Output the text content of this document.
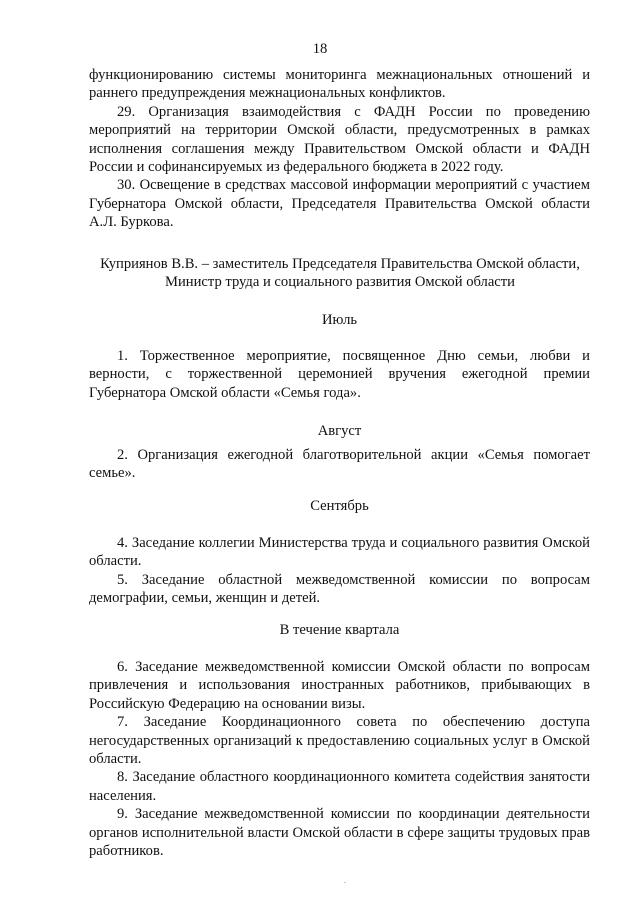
18

функционированию системы мониторинга межнациональных отношений и раннего предупреждения межнациональных конфликтов.

29. Организация взаимодействия с ФАДН России по проведению мероприятий на территории Омской области, предусмотренных в рамках исполнения соглашения между Правительством Омской области и ФАДН России и софинансируемых из федерального бюджета в 2022 году.

30. Освещение в средствах массовой информации мероприятий с участием Губернатора Омской области, Председателя Правительства Омской области А.Л. Буркова.

Куприянов В.В. – заместитель Председателя Правительства Омской области,

Министр труда и социального развития Омской области

Июль

1. Торжественное мероприятие, посвященное Дню семьи, любви и верности, с торжественной церемонией вручения ежегодной премии Губернатора Омской области «Семья года».

Август

2. Организация ежегодной благотворительной акции «Семья помогает семье».

Сентябрь

4. Заседание коллегии Министерства труда и социального развития Омской области.

5. Заседание областной межведомственной комиссии по вопросам демографии, семьи, женщин и детей.

В течение квартала

6. Заседание межведомственной комиссии Омской области по вопросам привлечения и использования иностранных работников, прибывающих в Российскую Федерацию на основании визы.

7. Заседание Координационного совета по обеспечению доступа негосударственных организаций к предоставлению социальных услуг в Омской области.

8. Заседание областного координационного комитета содействия занятости населения.

9. Заседание межведомственной комиссии по координации деятельности органов исполнительной власти Омской области в сфере защиты трудовых прав работников.

.
